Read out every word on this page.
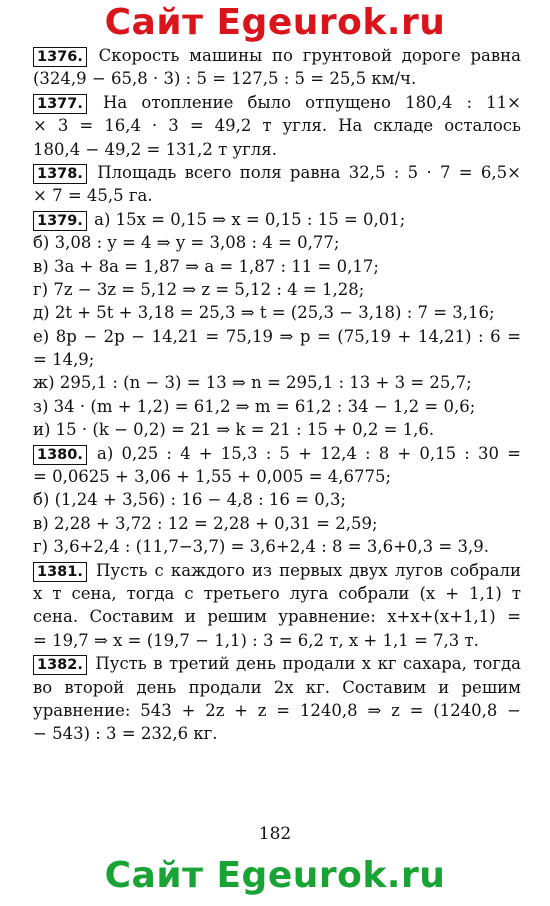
Сайт Egeurok.ru
1376. Скорость машины по грунтовой дороге равна
(324,9 − 65,8 · 3) : 5 = 127,5 : 5 = 25,5 км/ч.
1377. На отопление было отпущено 180,4 : 11×
× 3 = 16,4 · 3 = 49,2 т угля. На складе осталось
180,4 − 49,2 = 131,2 т угля.
1378. Площадь всего поля равна 32,5 : 5 · 7 = 6,5×
× 7 = 45,5 га.
1379. а) 15x = 0,15 ⇒ x = 0,15 : 15 = 0,01;
б) 3,08 : y = 4 ⇒ y = 3,08 : 4 = 0,77;
в) 3a + 8a = 1,87 ⇒ a = 1,87 : 11 = 0,17;
г) 7z − 3z = 5,12 ⇒ z = 5,12 : 4 = 1,28;
д) 2t + 5t + 3,18 = 25,3 ⇒ t = (25,3 − 3,18) : 7 = 3,16;
е) 8p − 2p − 14,21 = 75,19 ⇒ p = (75,19 + 14,21) : 6 =
= 14,9;
ж) 295,1 : (n − 3) = 13 ⇒ n = 295,1 : 13 + 3 = 25,7;
з) 34 · (m + 1,2) = 61,2 ⇒ m = 61,2 : 34 − 1,2 = 0,6;
и) 15 · (k − 0,2) = 21 ⇒ k = 21 : 15 + 0,2 = 1,6.
1380. а) 0,25 : 4 + 15,3 : 5 + 12,4 : 8 + 0,15 : 30 =
= 0,0625 + 3,06 + 1,55 + 0,005 = 4,6775;
б) (1,24 + 3,56) : 16 − 4,8 : 16 = 0,3;
в) 2,28 + 3,72 : 12 = 2,28 + 0,31 = 2,59;
г) 3,6+2,4 : (11,7−3,7) = 3,6+2,4 : 8 = 3,6+0,3 = 3,9.
1381. Пусть с каждого из первых двух лугов собрали
x т сена, тогда с третьего луга собрали (x + 1,1) т
сена. Составим и решим уравнение: x+x+(x+1,1) =
= 19,7 ⇒ x = (19,7 − 1,1) : 3 = 6,2 т, x + 1,1 = 7,3 т.
1382. Пусть в третий день продали x кг сахара, тогда
во второй день продали 2x кг. Составим и решим
уравнение: 543 + 2z + z = 1240,8 ⇒ z = (1240,8 −
− 543) : 3 = 232,6 кг.
182
Сайт Egeurok.ru
